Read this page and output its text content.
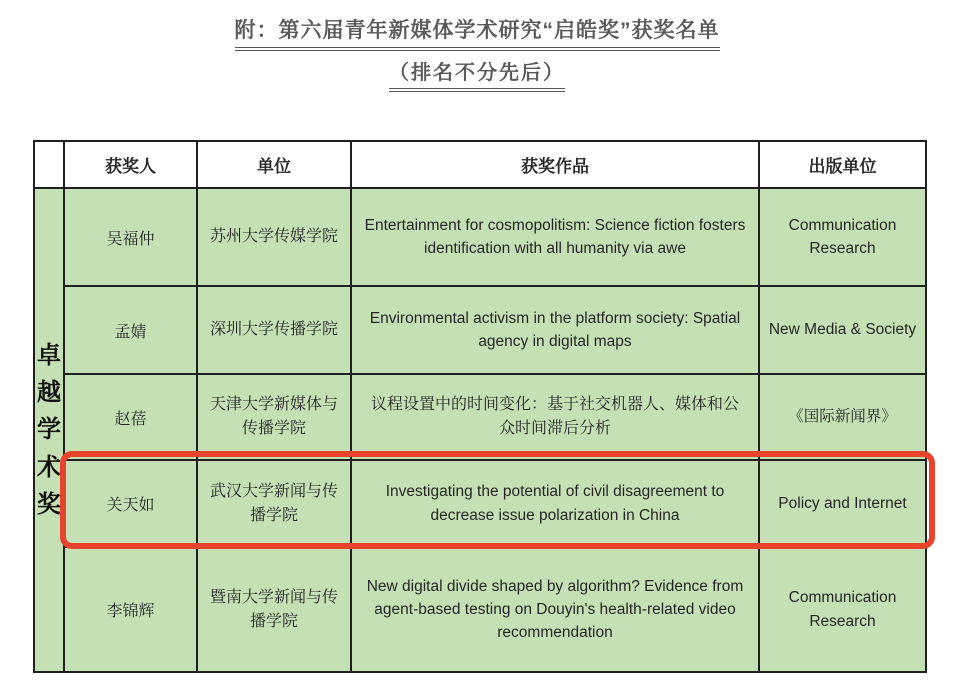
附：第六届青年新媒体学术研究“启皓奖”获奖名单
（排名不分先后）
	获奖人	单位	获奖作品	出版单位
卓越学术奖	吴福仲	苏州大学传媒学院	Entertainment for cosmopolitism: Science fiction fosters identification with all humanity via awe	Communication Research
	孟婧	深圳大学传播学院	Environmental activism in the platform society: Spatial agency in digital maps	New Media & Society
	赵蓓	天津大学新媒体与传播学院	议程设置中的时间变化：基于社交机器人、媒体和公众时间滞后分析	《国际新闻界》
	关天如	武汉大学新闻与传播学院	Investigating the potential of civil disagreement to decrease issue polarization in China	Policy and Internet
	李锦辉	暨南大学新闻与传播学院	New digital divide shaped by algorithm? Evidence from agent-based testing on Douyin's health-related video recommendation	Communication Research
